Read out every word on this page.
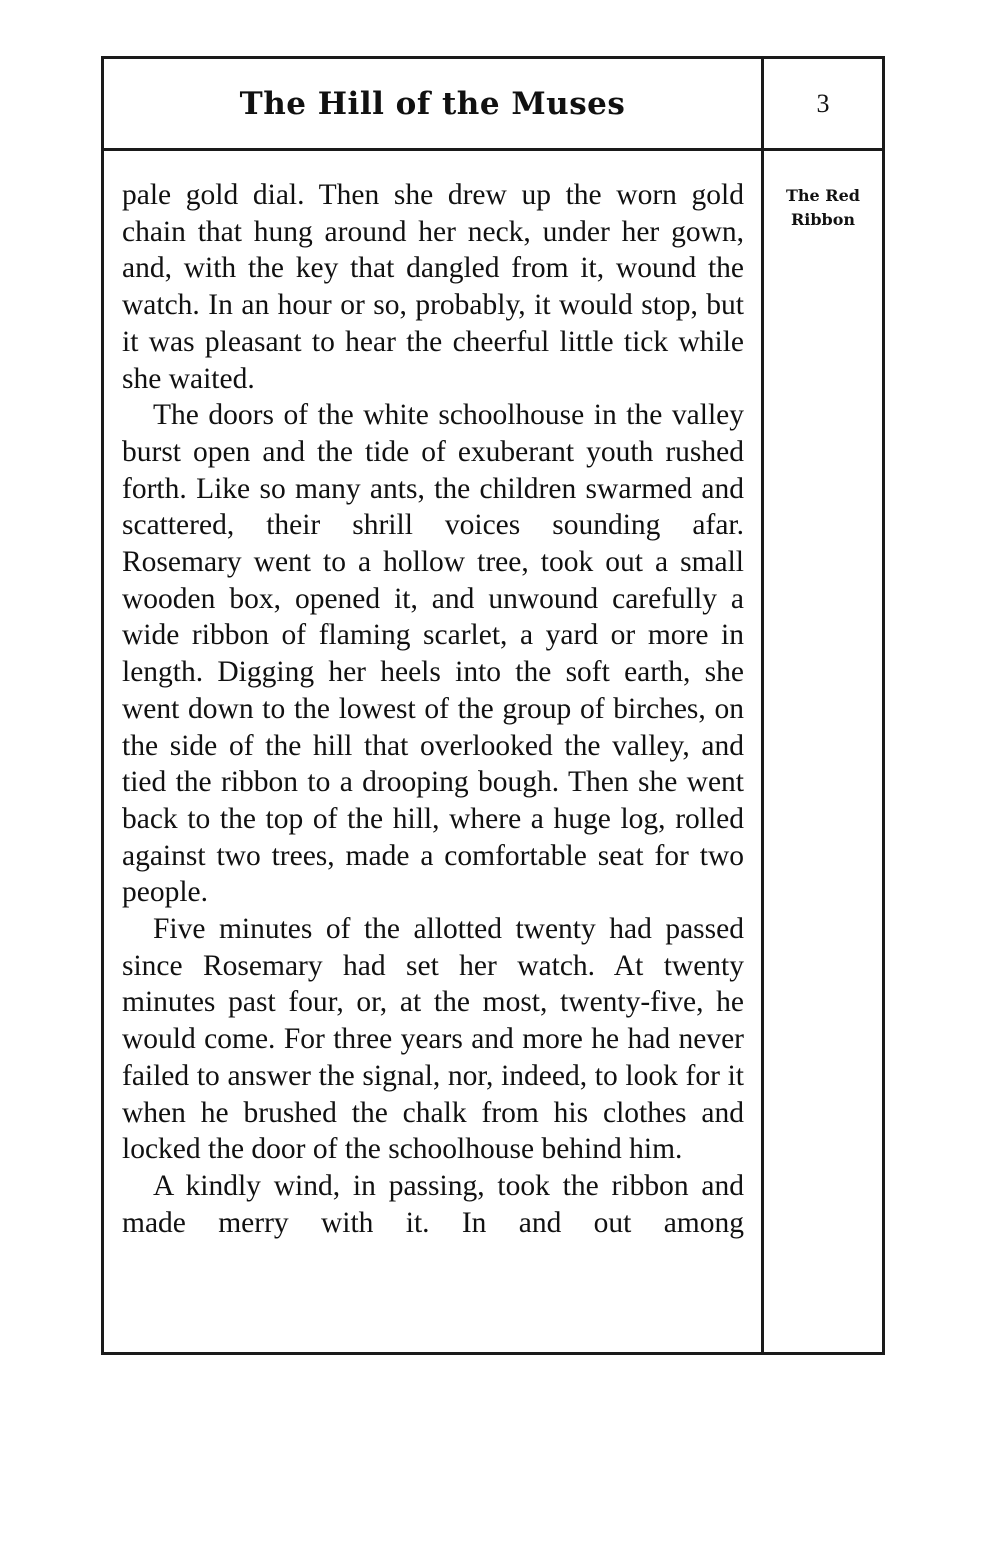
The Hill of the Muses	3
The Red
Ribbon

pale gold dial. Then she drew up the worn gold chain that hung around her neck, under her gown, and, with the key that dangled from it, wound the watch. In an hour or so, probably, it would stop, but it was pleasant to hear the cheerful little tick while she waited.

The doors of the white schoolhouse in the valley burst open and the tide of exuberant youth rushed forth. Like so many ants, the children swarmed and scattered, their shrill voices sounding afar. Rosemary went to a hollow tree, took out a small wooden box, opened it, and unwound carefully a wide ribbon of flaming scarlet, a yard or more in length. Digging her heels into the soft earth, she went down to the lowest of the group of birches, on the side of the hill that overlooked the valley, and tied the ribbon to a drooping bough. Then she went back to the top of the hill, where a huge log, rolled against two trees, made a comfortable seat for two people.

Five minutes of the allotted twenty had passed since Rosemary had set her watch. At twenty minutes past four, or, at the most, twenty-five, he would come. For three years and more he had never failed to answer the signal, nor, indeed, to look for it when he brushed the chalk from his clothes and locked the door of the schoolhouse behind him.

A kindly wind, in passing, took the ribbon and made merry with it. In and out among
